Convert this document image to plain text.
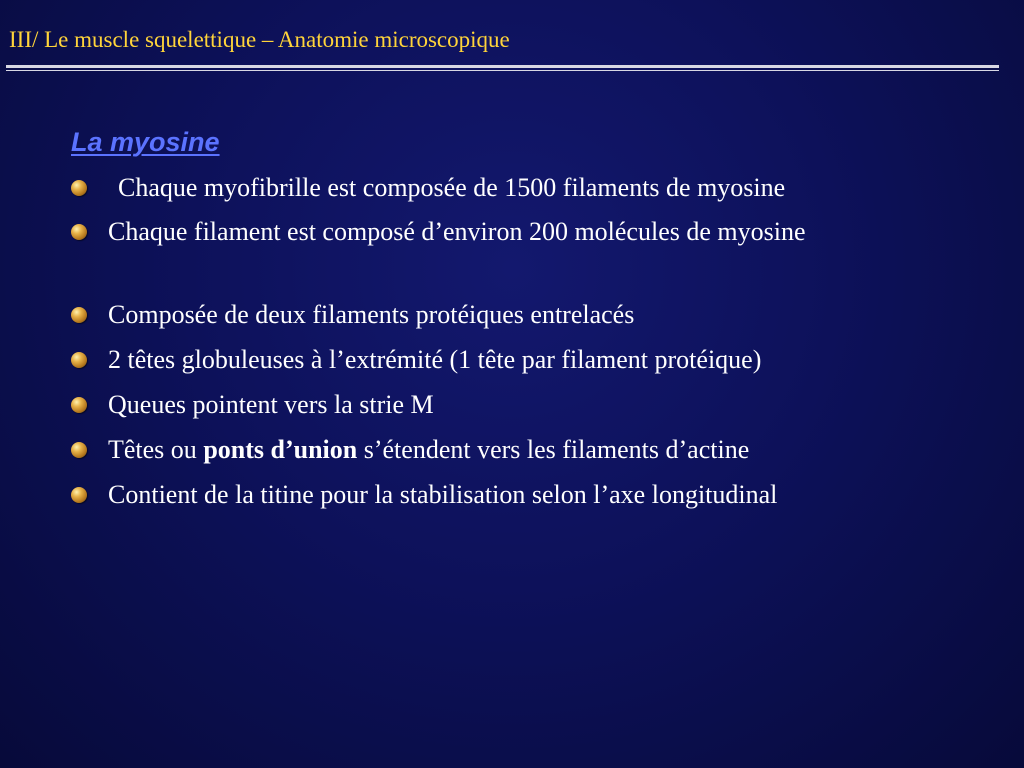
III/ Le muscle squelettique – Anatomie microscopique
La myosine
Chaque myofibrille est composée de 1500 filaments de myosine
Chaque filament est composé d’environ 200 molécules de myosine
Composée de deux filaments protéiques entrelacés
2 têtes globuleuses à l’extrémité (1 tête par filament protéique)
Queues pointent vers la strie M
Têtes ou ponts d’union s’étendent vers les filaments d’actine
Contient de la titine pour la stabilisation selon l’axe longitudinal
